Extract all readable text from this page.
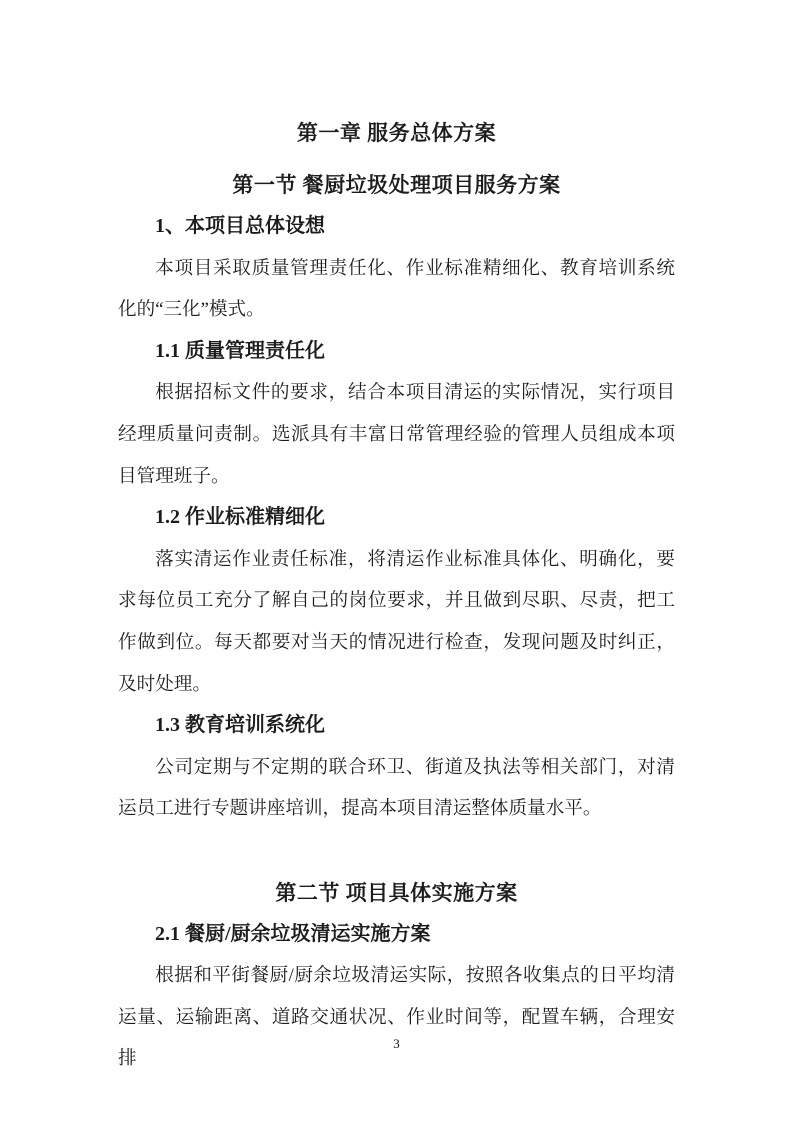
第一章 服务总体方案
第一节 餐厨垃圾处理项目服务方案
1、本项目总体设想

本项目采取质量管理责任化、作业标准精细化、教育培训系统化的“三化”模式。

1.1 质量管理责任化

根据招标文件的要求，结合本项目清运的实际情况，实行项目经理质量问责制。选派具有丰富日常管理经验的管理人员组成本项目管理班子。

1.2 作业标准精细化

落实清运作业责任标准，将清运作业标准具体化、明确化，要求每位员工充分了解自己的岗位要求，并且做到尽职、尽责，把工作做到位。每天都要对当天的情况进行检查，发现问题及时纠正，及时处理。

1.3 教育培训系统化

公司定期与不定期的联合环卫、街道及执法等相关部门，对清运员工进行专题讲座培训，提高本项目清运整体质量水平。

第二节 项目具体实施方案
2.1 餐厨/厨余垃圾清运实施方案

根据和平街餐厨/厨余垃圾清运实际，按照各收集点的日平均清运量、运输距离、道路交通状况、作业时间等，配置车辆，合理安排

3
